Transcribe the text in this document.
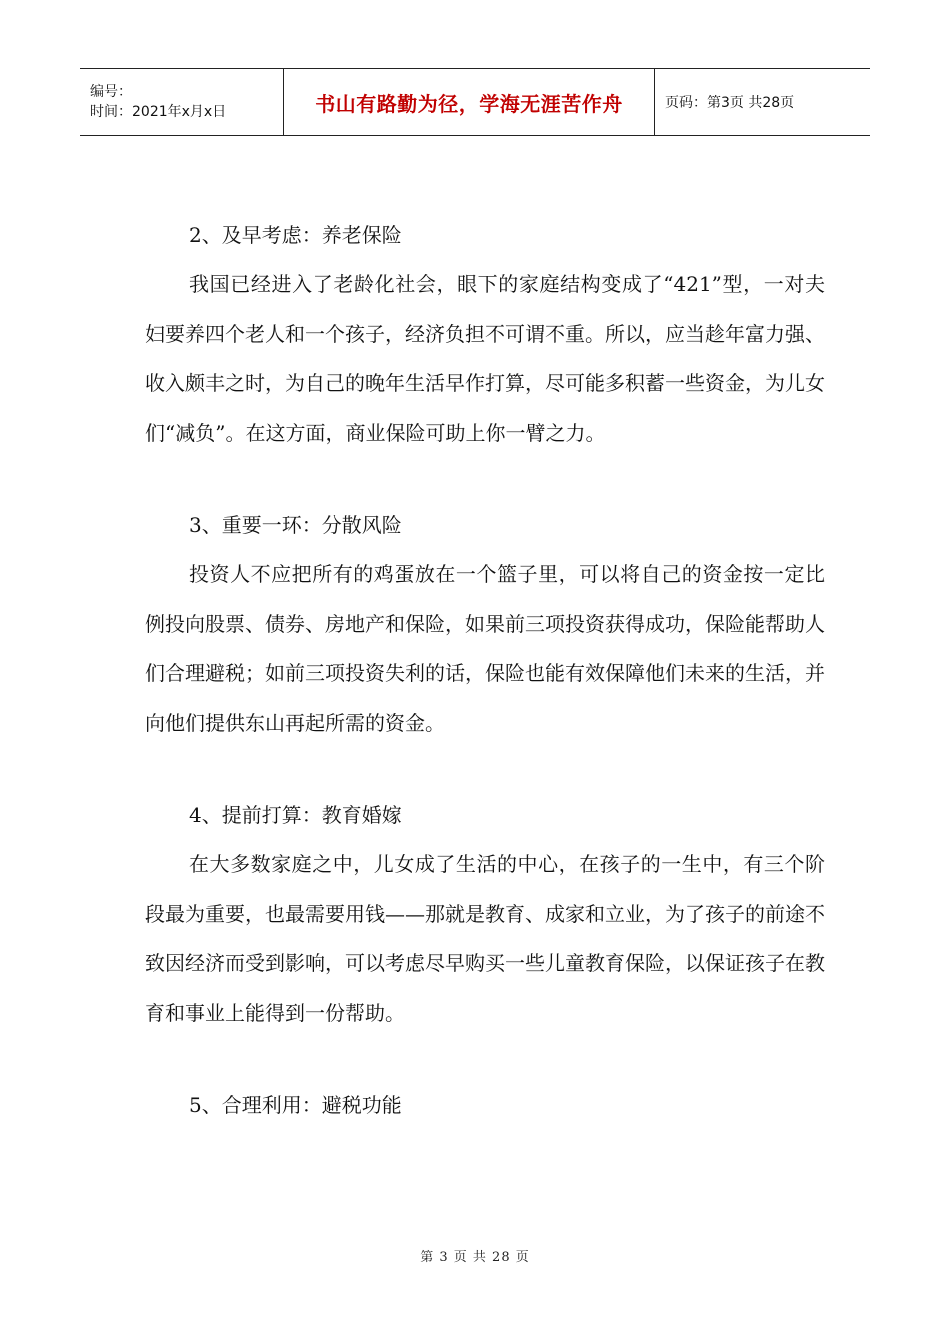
编号：
时间：2021年x月x日	书山有路勤为径，学海无涯苦作舟	页码：第3页 共28页
2、及早考虑：养老保险

我国已经进入了老龄化社会，眼下的家庭结构变成了“421”型，一对夫妇要养四个老人和一个孩子，经济负担不可谓不重。所以，应当趁年富力强、收入颇丰之时，为自己的晚年生活早作打算，尽可能多积蓄一些资金，为儿女们“减负”。在这方面，商业保险可助上你一臂之力。

3、重要一环：分散风险

投资人不应把所有的鸡蛋放在一个篮子里，可以将自己的资金按一定比例投向股票、债券、房地产和保险，如果前三项投资获得成功，保险能帮助人们合理避税；如前三项投资失利的话，保险也能有效保障他们未来的生活，并向他们提供东山再起所需的资金。

4、提前打算：教育婚嫁

在大多数家庭之中，儿女成了生活的中心，在孩子的一生中，有三个阶段最为重要，也最需要用钱——那就是教育、成家和立业，为了孩子的前途不致因经济而受到影响，可以考虑尽早购买一些儿童教育保险，以保证孩子在教育和事业上能得到一份帮助。

5、合理利用：避税功能
第 3 页 共 28 页
